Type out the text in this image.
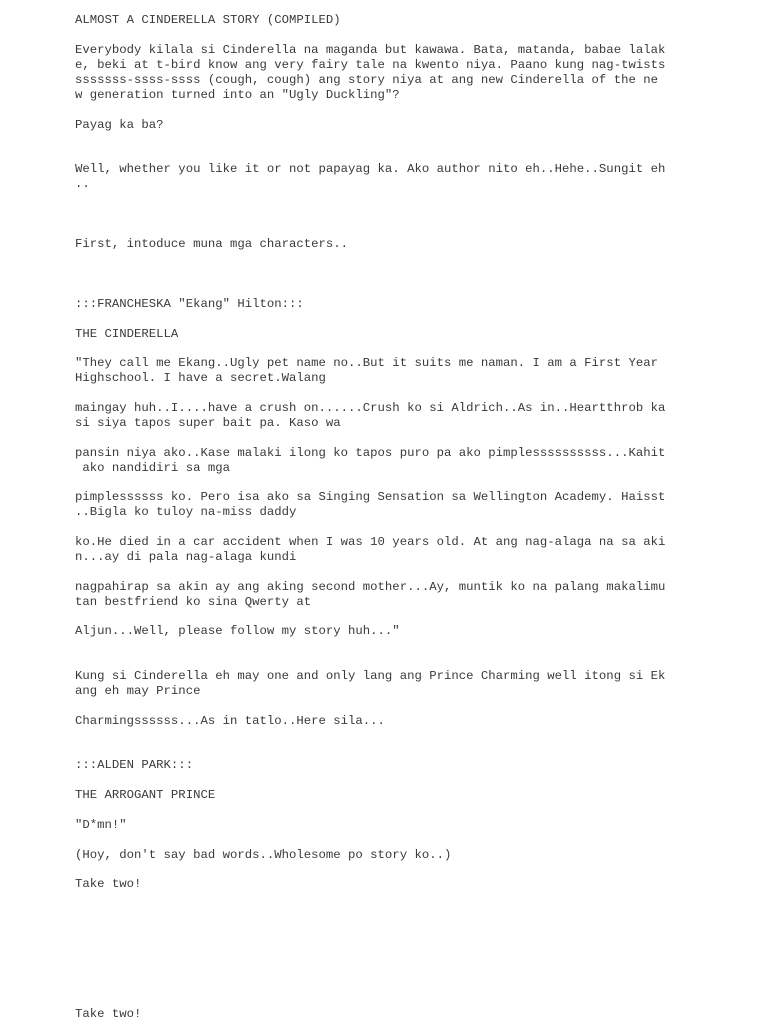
ALMOST A CINDERELLA STORY (COMPILED)

Everybody kilala si Cinderella na maganda but kawawa. Bata, matanda, babae lalak

e, beki at t-bird know ang very fairy tale na kwento niya. Paano kung nag-twists

sssssss-ssss-ssss (cough, cough) ang story niya at ang new Cinderella of the ne

w generation turned into an "Ugly Duckling"?

Payag ka ba?

Well, whether you like it or not papayag ka. Ako author nito eh..Hehe..Sungit eh

..

First, intoduce muna mga characters..

:::FRANCHESKA "Ekang" Hilton:::

THE CINDERELLA

"They call me Ekang..Ugly pet name no..But it suits me naman. I am a First Year

Highschool. I have a secret.Walang

maingay huh..I....have a crush on......Crush ko si Aldrich..As in..Heartthrob ka

si siya tapos super bait pa. Kaso wa

pansin niya ako..Kase malaki ilong ko tapos puro pa ako pimplessssssssss...Kahit

ako nandidiri sa mga

pimplessssss ko. Pero isa ako sa Singing Sensation sa Wellington Academy. Haisst

..Bigla ko tuloy na-miss daddy

ko.He died in a car accident when I was 10 years old. At ang nag-alaga na sa aki

n...ay di pala nag-alaga kundi

nagpahirap sa akin ay ang aking second mother...Ay, muntik ko na palang makalimu

tan bestfriend ko sina Qwerty at

Aljun...Well, please follow my story huh..."

Kung si Cinderella eh may one and only lang ang Prince Charming well itong si Ek

ang eh may Prince

Charmingssssss...As in tatlo..Here sila...

:::ALDEN PARK:::

THE ARROGANT PRINCE

"D*mn!"

(Hoy, don't say bad words..Wholesome po story ko..)

Take two!

Take two!
